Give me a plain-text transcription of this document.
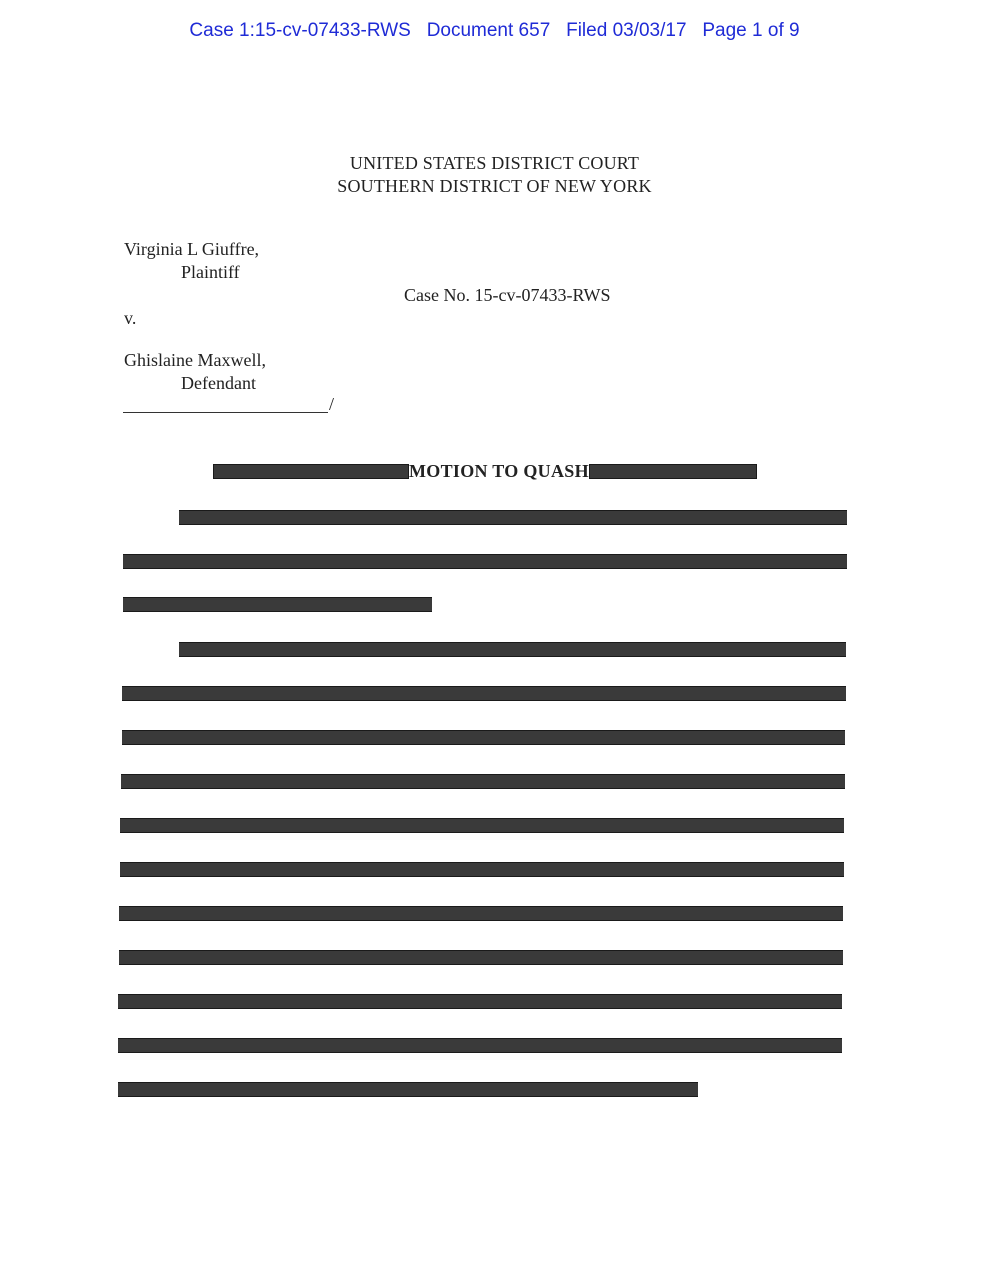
Case 1:15-cv-07433-RWS Document 657 Filed 03/03/17 Page 1 of 9
UNITED STATES DISTRICT COURT
SOUTHERN DISTRICT OF NEW YORK
Virginia L Giuffre,
Plaintiff
Case No. 15-cv-07433-RWS
v.
Ghislaine Maxwell,
Defendant
/
MOTION TO QUASH
